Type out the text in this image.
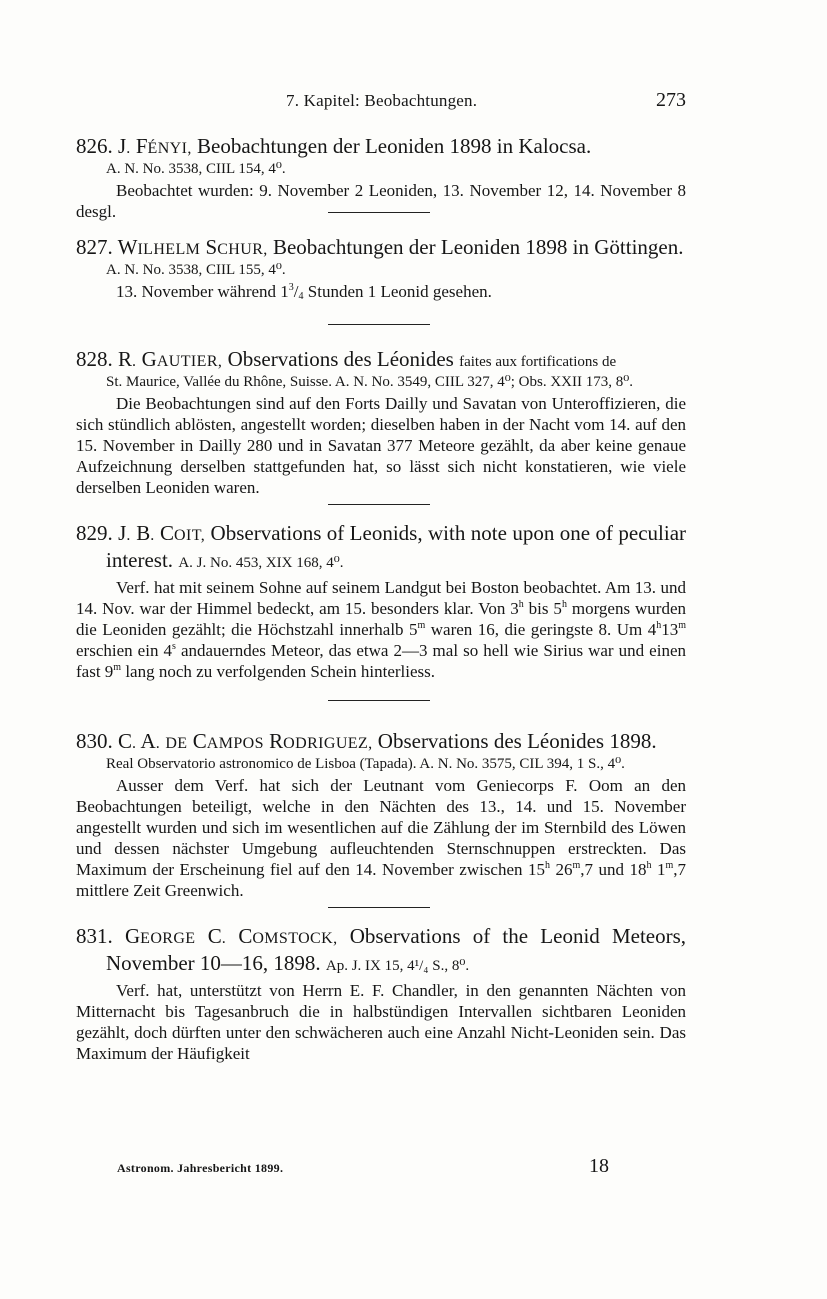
7. Kapitel: Beobachtungen.	273
826. J. FÉNYI, Beobachtungen der Leoniden 1898 in Kalocsa.
A. N. No. 3538, CIIL 154, 4⁰.
Beobachtet wurden: 9. November 2 Leoniden, 13. November 12, 14. November 8 desgl.
827. WILHELM SCHUR, Beobachtungen der Leoniden 1898 in Göttingen.
A. N. No. 3538, CIIL 155, 4⁰.
13. November während $1^3/_4$ Stunden 1 Leonid gesehen.
828. R. GAUTIER, Observations des Léonides faites aux fortifications de
St. Maurice, Vallée du Rhône, Suisse. A. N. No. 3549, CIIL 327, 4⁰; Obs. XXII 173, 8⁰.
Die Beobachtungen sind auf den Forts Dailly und Savatan von Unteroffizieren, die sich stündlich ablösten, angestellt worden; dieselben haben in der Nacht vom 14. auf den 15. November in Dailly 280 und in Savatan 377 Meteore gezählt, da aber keine genaue Aufzeichnung derselben stattgefunden hat, so lässt sich nicht konstatieren, wie viele derselben Leoniden waren.
829. J. B. COIT, Observations of Leonids, with note upon one of peculiar interest. A. J. No. 453, XIX 168, 4⁰.
Verf. hat mit seinem Sohne auf seinem Landgut bei Boston beobachtet. Am 13. und 14. Nov. war der Himmel bedeckt, am 15. besonders klar. Von 3$^h$ bis 5$^h$ morgens wurden die Leoniden gezählt; die Höchstzahl innerhalb 5$^m$ waren 16, die geringste 8. Um 4$^h$13$^m$ erschien ein 4$^s$ andauerndes Meteor, das etwa 2—3 mal so hell wie Sirius war und einen fast 9$^m$ lang noch zu verfolgenden Schein hinterliess.
830. C. A. DE CAMPOS RODRIGUEZ, Observations des Léonides 1898.
Real Observatorio astronomico de Lisboa (Tapada). A. N. No. 3575, CIL 394, 1 S., 4⁰.
Ausser dem Verf. hat sich der Leutnant vom Geniecorps F. Oom an den Beobachtungen beteiligt, welche in den Nächten des 13., 14. und 15. November angestellt wurden und sich im wesentlichen auf die Zählung der im Sternbild des Löwen und dessen nächster Umgebung aufleuchtenden Sternschnuppen erstreckten. Das Maximum der Erscheinung fiel auf den 14. November zwischen 15$^h$ 26$^m$,7 und 18$^h$ 1$^m$,7 mittlere Zeit Greenwich.
831. GEORGE C. COMSTOCK, Observations of the Leonid Meteors, November 10—16, 1898. Ap. J. IX 15, 4¹/₄ S., 8⁰.
Verf. hat, unterstützt von Herrn E. F. Chandler, in den genannten Nächten von Mitternacht bis Tagesanbruch die in halbstündigen Intervallen sichtbaren Leoniden gezählt, doch dürften unter den schwächeren auch eine Anzahl Nicht-Leoniden sein. Das Maximum der Häufigkeit
Astronom. Jahresbericht 1899.	18
